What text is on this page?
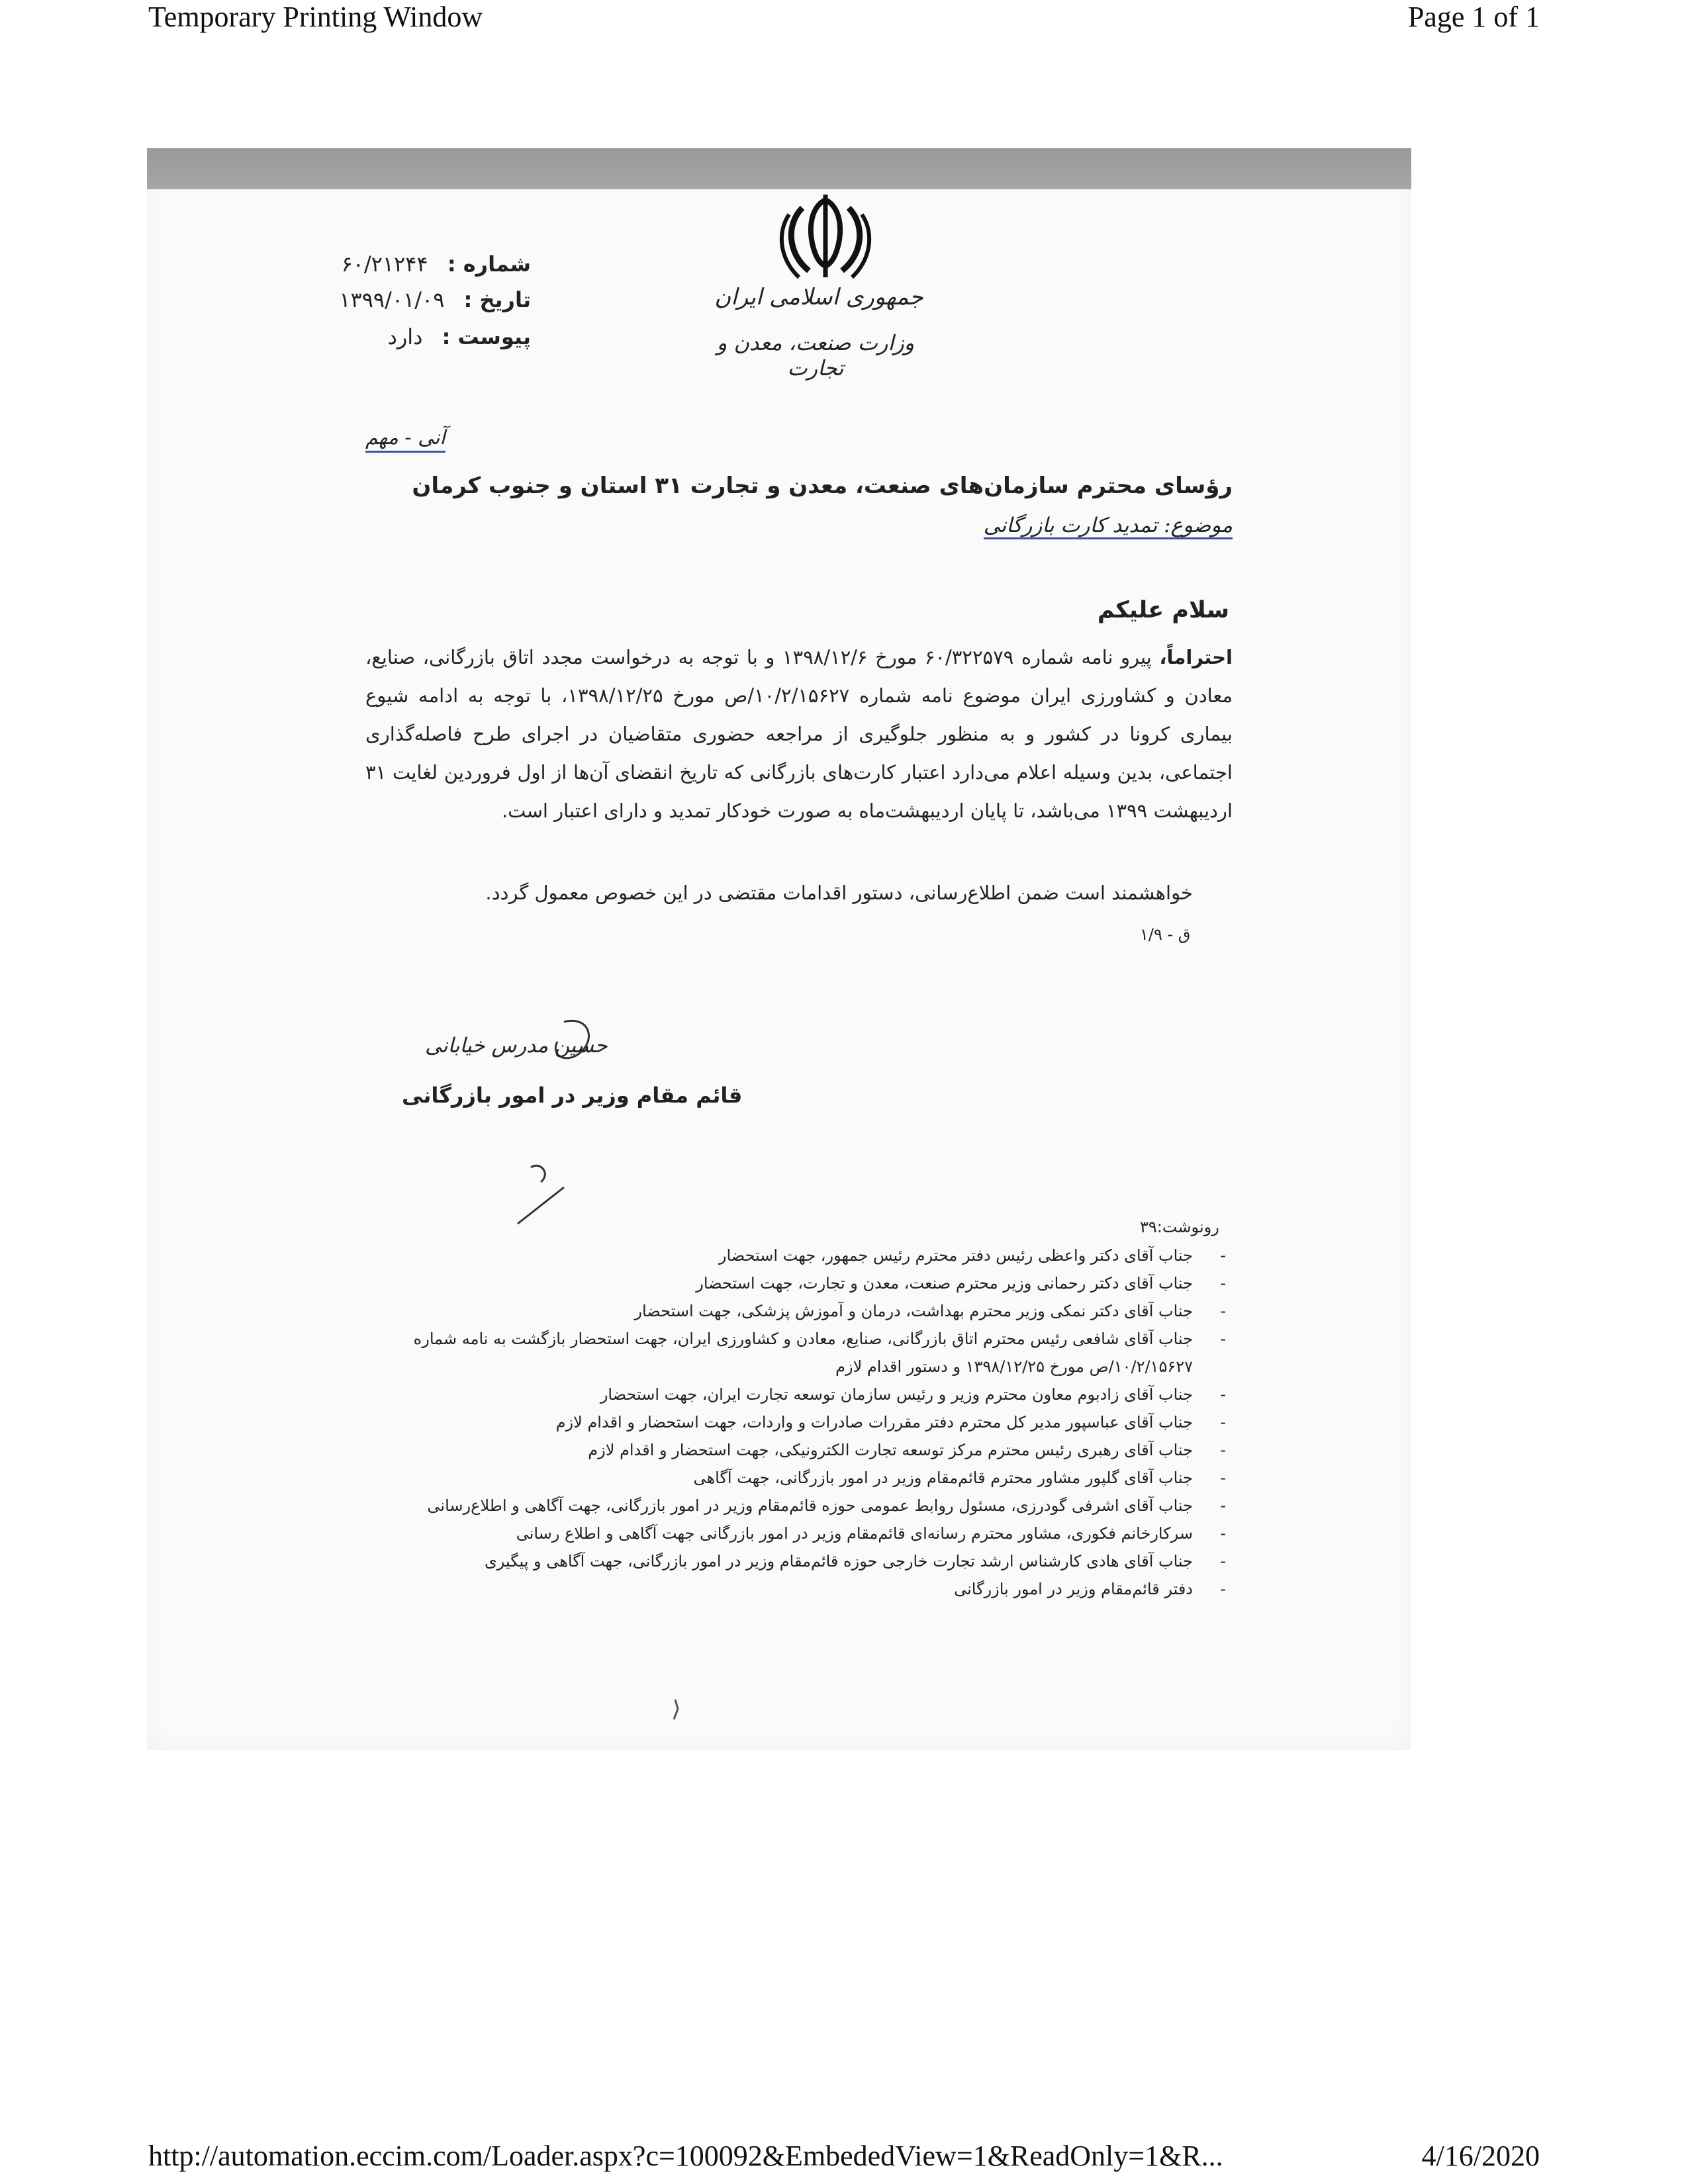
Temporary Printing Window	Page 1 of 1
جمهوری اسلامی ایران
وزارت صنعت، معدن و تجارت
شماره : ۶۰/۲۱۲۴۴
تاریخ : ۱۳۹۹/۰۱/۰۹
پیوست : دارد
آنی - مهم
رؤسای محترم سازمان‌های صنعت، معدن و تجارت ۳۱ استان و جنوب کرمان
موضوع: تمدید کارت بازرگانی
سلام علیکم
احتراماً، پیرو نامه شماره ۶۰/۳۲۲۵۷۹ مورخ ۱۳۹۸/۱۲/۶ و با توجه به درخواست مجدد اتاق بازرگانی، صنایع، معادن و کشاورزی ایران موضوع نامه شماره ۱۰/۲/۱۵۶۲۷/ص مورخ ۱۳۹۸/۱۲/۲۵، با توجه به ادامه شیوع بیماری کرونا در کشور و به منظور جلوگیری از مراجعه حضوری متقاضیان در اجرای طرح فاصله‌گذاری اجتماعی، بدین وسیله اعلام می‌دارد اعتبار کارت‌های بازرگانی که تاریخ انقضای آن‌ها از اول فروردین لغایت ۳۱ اردیبهشت ۱۳۹۹ می‌باشد، تا پایان اردیبهشت‌ماه به صورت خودکار تمدید و دارای اعتبار است.
خواهشمند است ضمن اطلاع‌رسانی، دستور اقدامات مقتضی در این خصوص معمول گردد.
ق - ۱/۹
حسین مدرس خیابانی
قائم مقام وزیر در امور بازرگانی
رونوشت:۳۹
-
جناب آقای دکتر واعظی رئیس دفتر محترم رئیس جمهور، جهت استحضار
-
جناب آقای دکتر رحمانی وزیر محترم صنعت، معدن و تجارت، جهت استحضار
-
جناب آقای دکتر نمکی وزیر محترم بهداشت، درمان و آموزش پزشکی، جهت استحضار
-
جناب آقای شافعی رئیس محترم اتاق بازرگانی، صنایع، معادن و کشاورزی ایران، جهت استحضار بازگشت به نامه شماره ۱۰/۲/۱۵۶۲۷/ص مورخ ۱۳۹۸/۱۲/۲۵ و دستور اقدام لازم
-
جناب آقای زادبوم معاون محترم وزیر و رئیس سازمان توسعه تجارت ایران، جهت استحضار
-
جناب آقای عباسپور مدیر کل محترم دفتر مقررات صادرات و واردات، جهت استحضار و اقدام لازم
-
جناب آقای رهبری رئیس محترم مرکز توسعه تجارت الکترونیکی، جهت استحضار و اقدام لازم
-
جناب آقای گلپور مشاور محترم قائم‌مقام وزیر در امور بازرگانی، جهت آگاهی
-
جناب آقای اشرفی گودرزی، مسئول روابط عمومی حوزه قائم‌مقام وزیر در امور بازرگانی، جهت آگاهی و اطلاع‌رسانی
-
سرکارخانم فکوری، مشاور محترم رسانه‌ای قائم‌مقام وزیر در امور بازرگانی جهت آگاهی و اطلاع رسانی
-
جناب آقای هادی کارشناس ارشد تجارت خارجی حوزه قائم‌مقام وزیر در امور بازرگانی، جهت آگاهی و پیگیری
-
دفتر قائم‌مقام وزیر در امور بازرگانی
http://automation.eccim.com/Loader.aspx?c=100092&EmbededView=1&ReadOnly=1&R...	4/16/2020
